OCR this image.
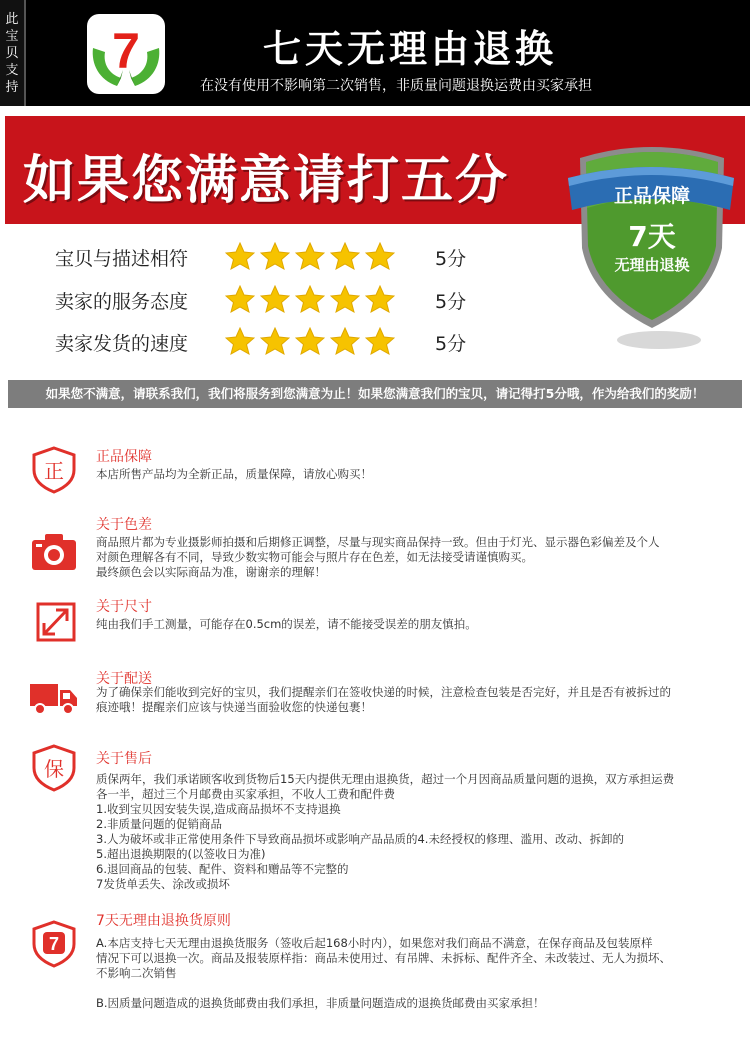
此宝贝支持
7	七天无理由退换
在没有使用不影响第二次销售，非质量问题退换运费由买家承担
如果您满意请打五分	正品保障
7天
无理由退换
宝贝与描述相符	5分
卖家的服务态度	5分
卖家发货的速度	5分
如果您不满意，请联系我们，我们将服务到您满意为止！如果您满意我们的宝贝，请记得打5分哦，作为给我们的奖励！
正
正品保障

本店所售产品均为全新正品，质量保障，请放心购买！

关于色差

商品照片都为专业摄影师拍摄和后期修正调整，尽量与现实商品保持一致。但由于灯光、显示器色彩偏差及个人

对颜色理解各有不同，导致少数实物可能会与照片存在色差，如无法接受请谨慎购买。

最终颜色会以实际商品为准，谢谢亲的理解！

关于尺寸

纯由我们手工测量，可能存在0.5cm的误差，请不能接受误差的朋友慎拍。

关于配送

为了确保亲们能收到完好的宝贝，我们提醒亲们在签收快递的时候，注意检查包装是否完好，并且是否有被拆过的

痕迹哦！提醒亲们应该与快递当面验收您的快递包裹！

保 关于售后

质保两年，我们承诺顾客收到货物后15天内提供无理由退换货，超过一个月因商品质量问题的退换，双方承担运费

各一半，超过三个月邮费由买家承担，不收人工费和配件费

1.收到宝贝因安装失误,造成商品损坏不支持退换

2.非质量问题的促销商品

3.人为破坏或非正常使用条件下导致商品损坏或影响产品品质的4.未经授权的修理、滥用、改动、拆卸的

5.超出退换期限的(以签收日为准)

6.退回商品的包装、配件、资料和赠品等不完整的

7发货单丢失、涂改或损坏

7
7天无理由退换货原则

A.本店支持七天无理由退换货服务（签收后起168小时内），如果您对我们商品不满意，在保存商品及包装原样

情况下可以退换一次。商品及报装原样指：商品未使用过、有吊牌、未拆标、配件齐全、未改装过、无人为损坏、

不影响二次销售

B.因质量问题造成的退换货邮费由我们承担，非质量问题造成的退换货邮费由买家承担！
